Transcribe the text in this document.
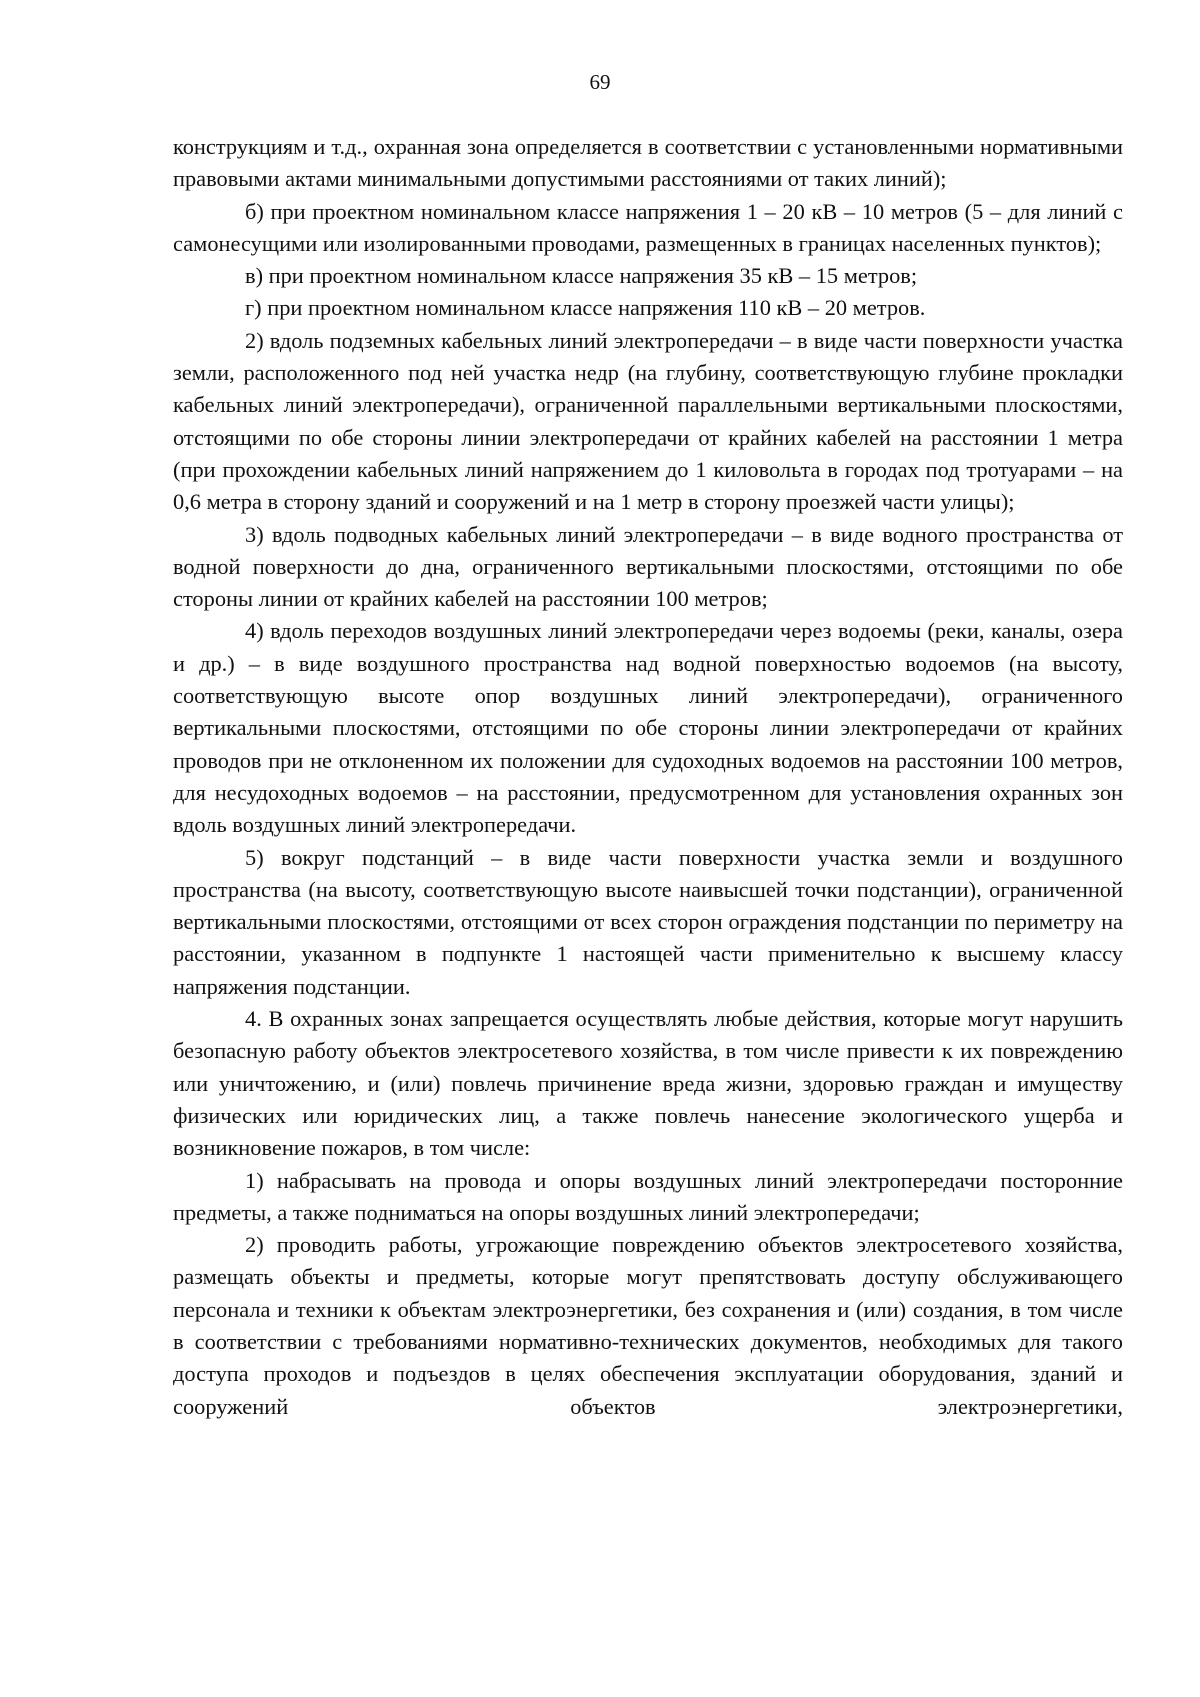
69

конструкциям и т.д., охранная зона определяется в соответствии с установленными нормативными правовыми актами минимальными допустимыми расстояниями от таких линий);

б) при проектном номинальном классе напряжения 1 – 20 кВ – 10 метров (5 – для линий с самонесущими или изолированными проводами, размещенных в границах населенных пунктов);

в) при проектном номинальном классе напряжения 35 кВ – 15 метров;

г) при проектном номинальном классе напряжения 110 кВ – 20 метров.

2) вдоль подземных кабельных линий электропередачи – в виде части поверхности участка земли, расположенного под ней участка недр (на глубину, соответствующую глубине прокладки кабельных линий электропередачи), ограниченной параллельными вертикальными плоскостями, отстоящими по обе стороны линии электропередачи от крайних кабелей на расстоянии 1 метра (при прохождении кабельных линий напряжением до 1 киловольта в городах под тротуарами – на 0,6 метра в сторону зданий и сооружений и на 1 метр в сторону проезжей части улицы);

3) вдоль подводных кабельных линий электропередачи – в виде водного пространства от водной поверхности до дна, ограниченного вертикальными плоскостями, отстоящими по обе стороны линии от крайних кабелей на расстоянии 100 метров;

4) вдоль переходов воздушных линий электропередачи через водоемы (реки, каналы, озера и др.) – в виде воздушного пространства над водной поверхностью водоемов (на высоту, соответствующую высоте опор воздушных линий электропередачи), ограниченного вертикальными плоскостями, отстоящими по обе стороны линии электропередачи от крайних проводов при не отклоненном их положении для судоходных водоемов на расстоянии 100 метров, для несудоходных водоемов – на расстоянии, предусмотренном для установления охранных зон вдоль воздушных линий электропередачи.

5) вокруг подстанций – в виде части поверхности участка земли и воздушного пространства (на высоту, соответствующую высоте наивысшей точки подстанции), ограниченной вертикальными плоскостями, отстоящими от всех сторон ограждения подстанции по периметру на расстоянии, указанном в подпункте 1 настоящей части применительно к высшему классу напряжения подстанции.

4. В охранных зонах запрещается осуществлять любые действия, которые могут нарушить безопасную работу объектов электросетевого хозяйства, в том числе привести к их повреждению или уничтожению, и (или) повлечь причинение вреда жизни, здоровью граждан и имуществу физических или юридических лиц, а также повлечь нанесение экологического ущерба и возникновение пожаров, в том числе:

1) набрасывать на провода и опоры воздушных линий электропередачи посторонние предметы, а также подниматься на опоры воздушных линий электропередачи;

2) проводить работы, угрожающие повреждению объектов электросетевого хозяйства, размещать объекты и предметы, которые могут препятствовать доступу обслуживающего персонала и техники к объектам электроэнергетики, без сохранения и (или) создания, в том числе в соответствии с требованиями нормативно-технических документов, необходимых для такого доступа проходов и подъездов в целях обеспечения эксплуатации оборудования, зданий и сооружений объектов электроэнергетики,
